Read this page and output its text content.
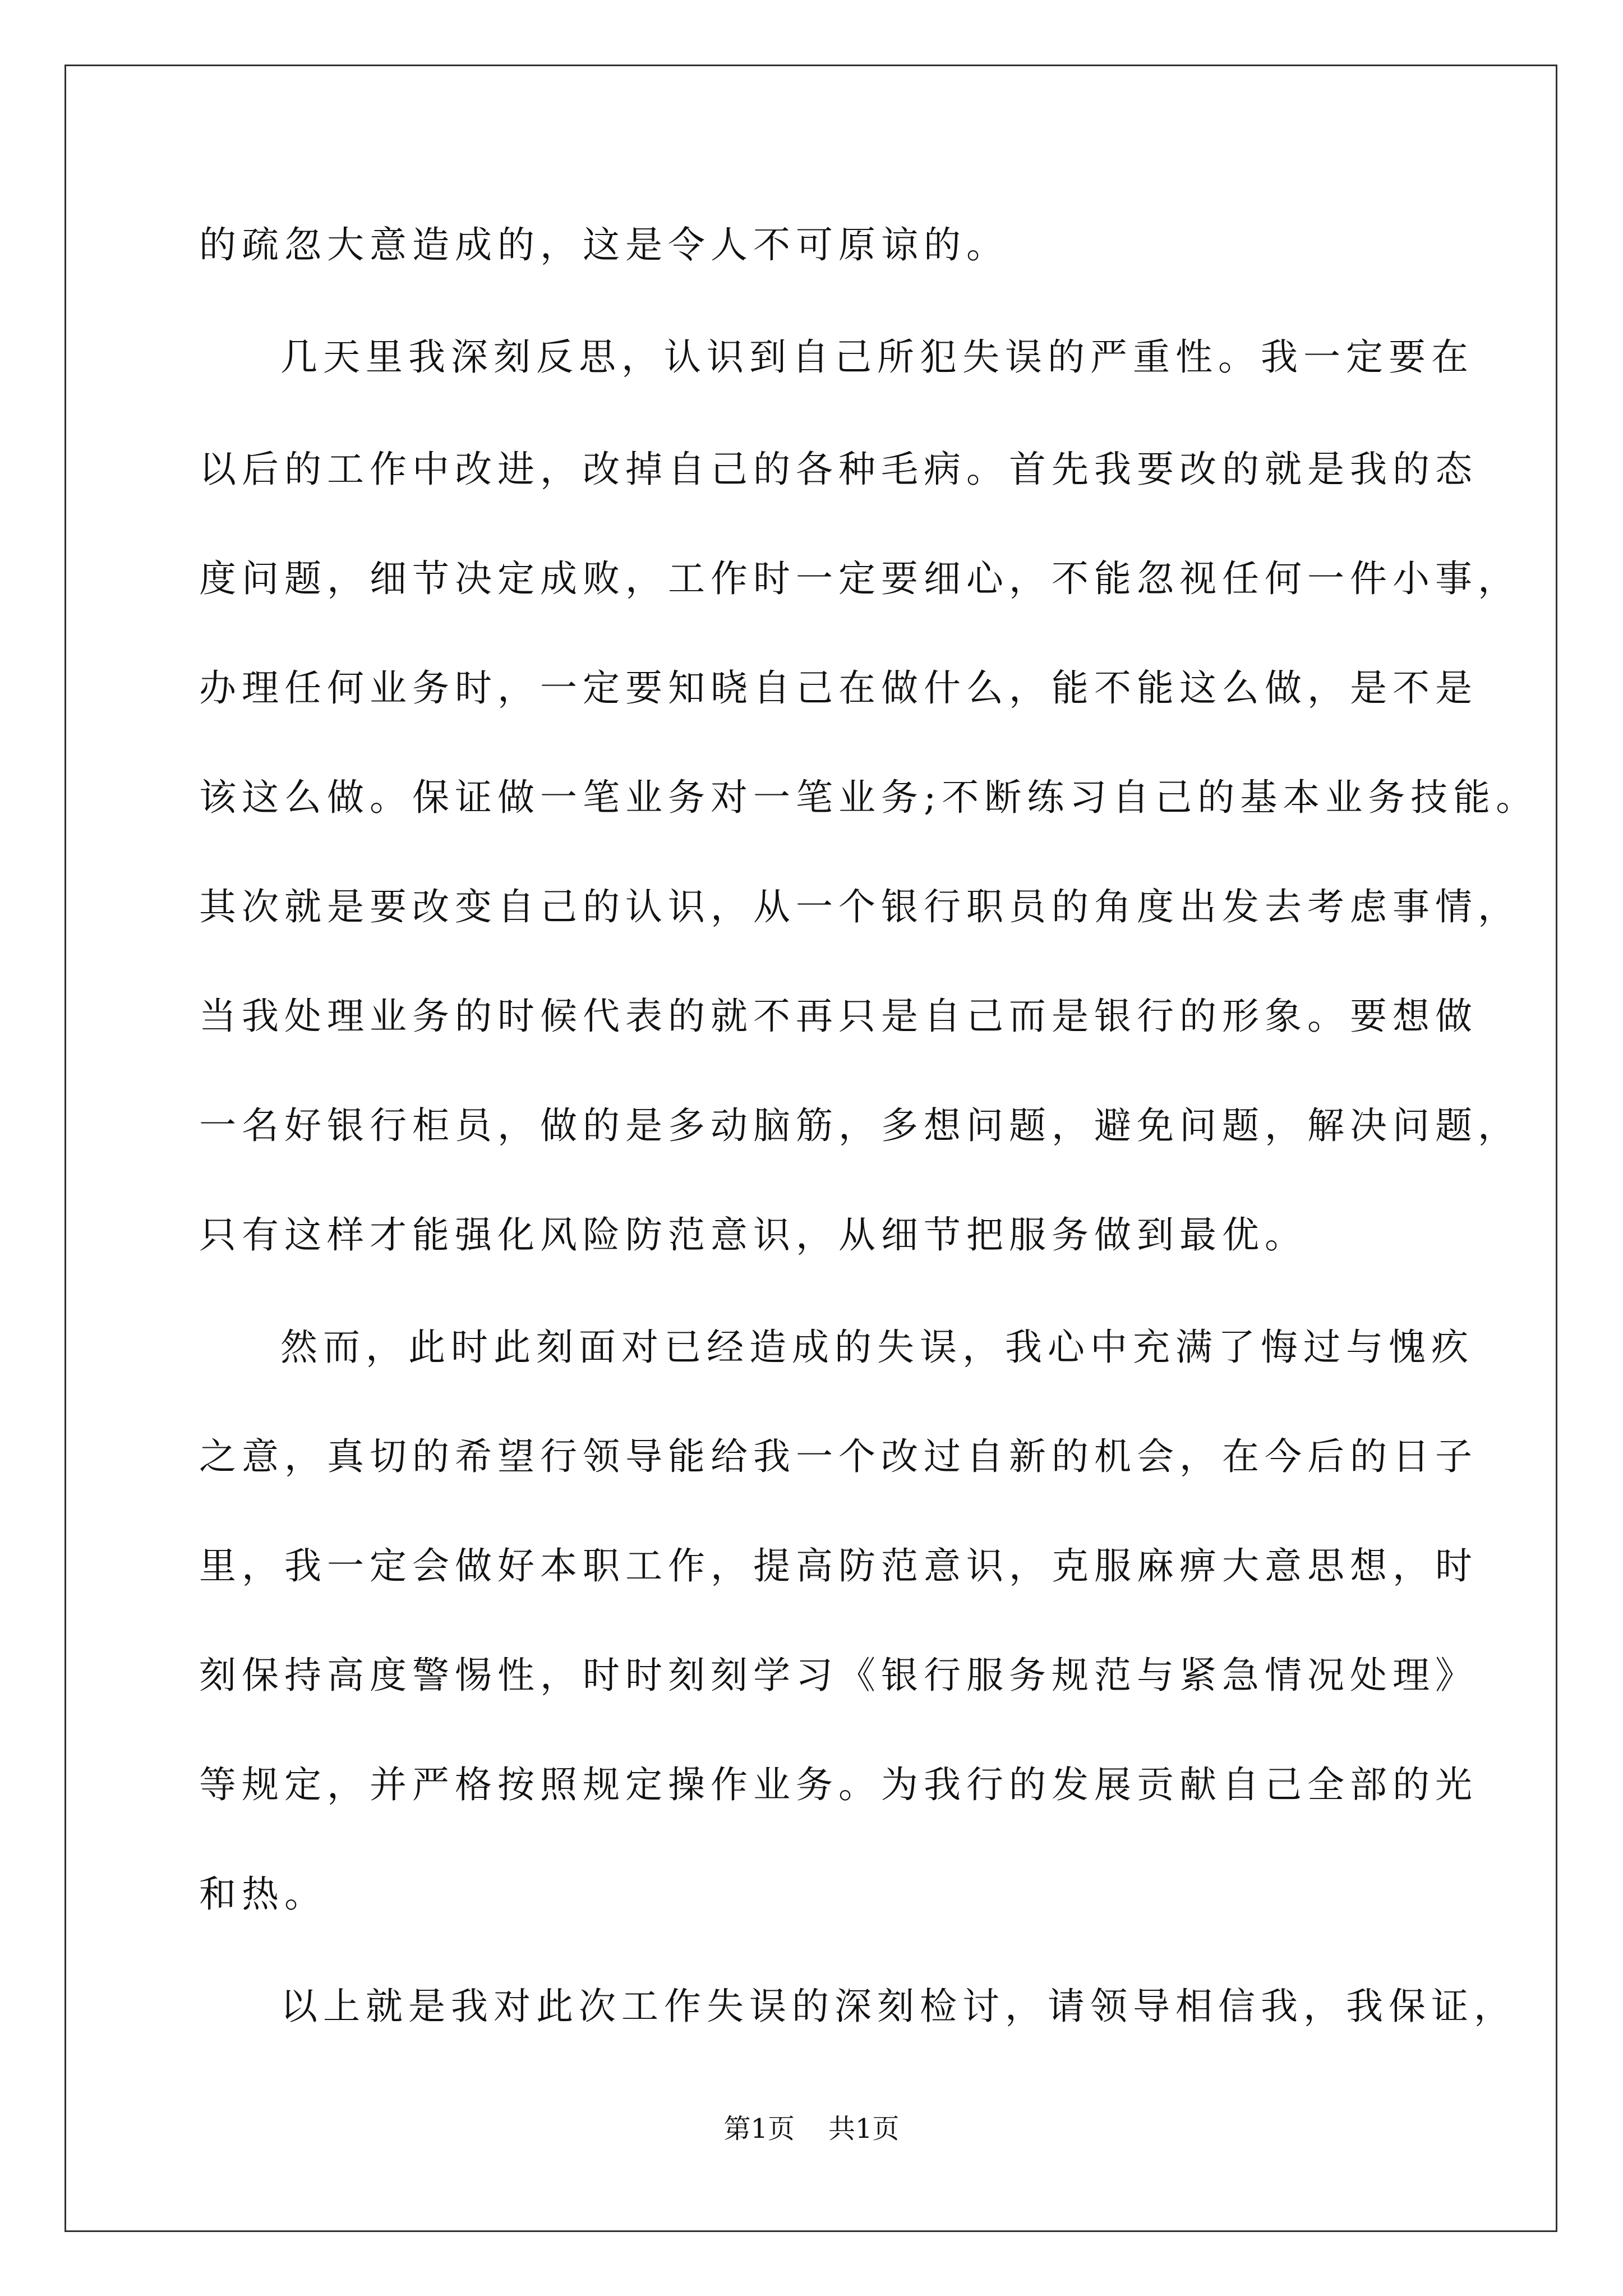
的疏忽大意造成的，这是令人不可原谅的。
几天里我深刻反思，认识到自己所犯失误的严重性。我一定要在
以后的工作中改进，改掉自己的各种毛病。首先我要改的就是我的态
度问题，细节决定成败，工作时一定要细心，不能忽视任何一件小事，
办理任何业务时，一定要知晓自己在做什么，能不能这么做，是不是
该这么做。保证做一笔业务对一笔业务;不断练习自己的基本业务技能。
其次就是要改变自己的认识，从一个银行职员的角度出发去考虑事情，
当我处理业务的时候代表的就不再只是自己而是银行的形象。要想做
一名好银行柜员，做的是多动脑筋，多想问题，避免问题，解决问题，
只有这样才能强化风险防范意识，从细节把服务做到最优。
然而，此时此刻面对已经造成的失误，我心中充满了悔过与愧疚
之意，真切的希望行领导能给我一个改过自新的机会，在今后的日子
里，我一定会做好本职工作，提高防范意识，克服麻痹大意思想，时
刻保持高度警惕性，时时刻刻学习《银行服务规范与紧急情况处理》
等规定，并严格按照规定操作业务。为我行的发展贡献自己全部的光
和热。
以上就是我对此次工作失误的深刻检讨，请领导相信我，我保证，
第1页 共1页
